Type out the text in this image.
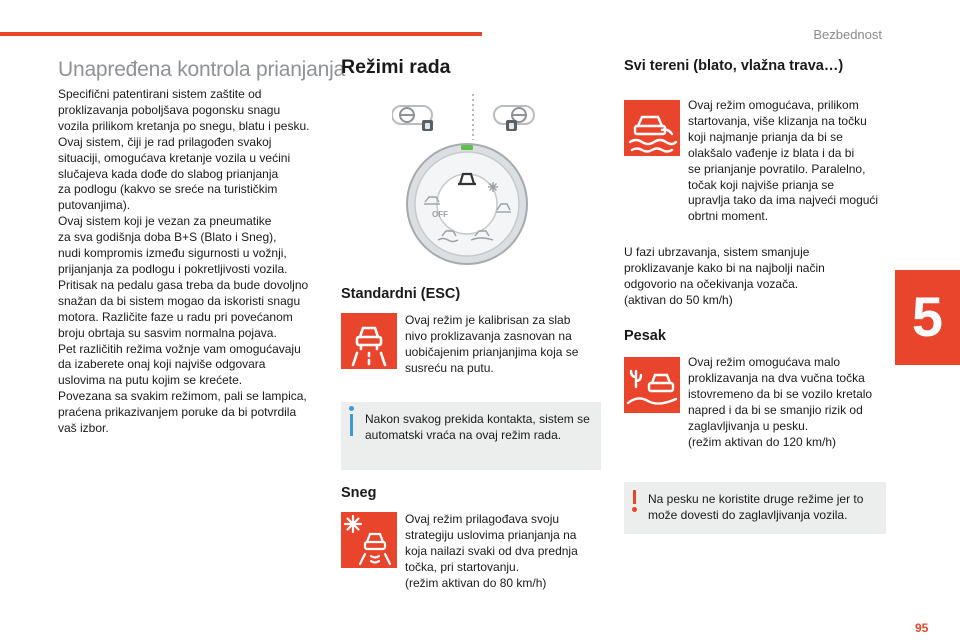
Bezbednost
5
95
Unapređena kontrola prianjanja

Specifični patentirani sistem zaštite od

proklizavanja poboljšava pogonsku snagu

vozila prilikom kretanja po snegu, blatu i pesku.

Ovaj sistem, čiji je rad prilagođen svakoj

situaciji, omogućava kretanje vozila u većini

slučajeva kada dođe do slabog prianjanja

za podlogu (kakvo se sreće na turističkim

putovanjima).

Ovaj sistem koji je vezan za pneumatike

za sva godišnja doba B+S (Blato i Sneg),

nudi kompromis između sigurnosti u vožnji,

prijanjanja za podlogu i pokretljivosti vozila.

Pritisak na pedalu gasa treba da bude dovoljno

snažan da bi sistem mogao da iskoristi snagu

motora. Različite faze u radu pri povećanom

broju obrtaja su sasvim normalna pojava.

Pet različitih režima vožnje vam omogućavaju

da izaberete onaj koji najviše odgovara

uslovima na putu kojim se krećete.

Povezana sa svakim režimom, pali se lampica,

praćena prikazivanjem poruke da bi potvrdila

vaš izbor.

Režimi rada
OFF
Standardni (ESC)

Ovaj režim je kalibrisan za slab

nivo proklizavanja zasnovan na

uobičajenim prianjanjima koja se

susreću na putu.

Nakon svakog prekida kontakta, sistem se
automatski vraća na ovaj režim rada.
Sneg

Ovaj režim prilagođava svoju

strategiju uslovima prianjanja na

koja nailazi svaki od dva prednja

točka, pri startovanju.

(režim aktivan do 80 km/h)

Svi tereni (blato, vlažna trava…)

Ovaj režim omogućava, prilikom

startovanja, više klizanja na točku

koji najmanje prianja da bi se

olakšalo vađenje iz blata i da bi

se prianjanje povratilo. Paralelno,

točak koji najviše prianja se

upravlja tako da ima najveći mogući

obrtni moment.

U fazi ubrzavanja, sistem smanjuje

proklizavanje kako bi na najbolji način

odgovorio na očekivanja vozača.

(aktivan do 50 km/h)

Pesak

Ovaj režim omogućava malo

proklizavanja na dva vučna točka

istovremeno da bi se vozilo kretalo

napred i da bi se smanjio rizik od

zaglavljivanja u pesku.

(režim aktivan do 120 km/h)

Na pesku ne koristite druge režime jer to
može dovesti do zaglavljivanja vozila.
